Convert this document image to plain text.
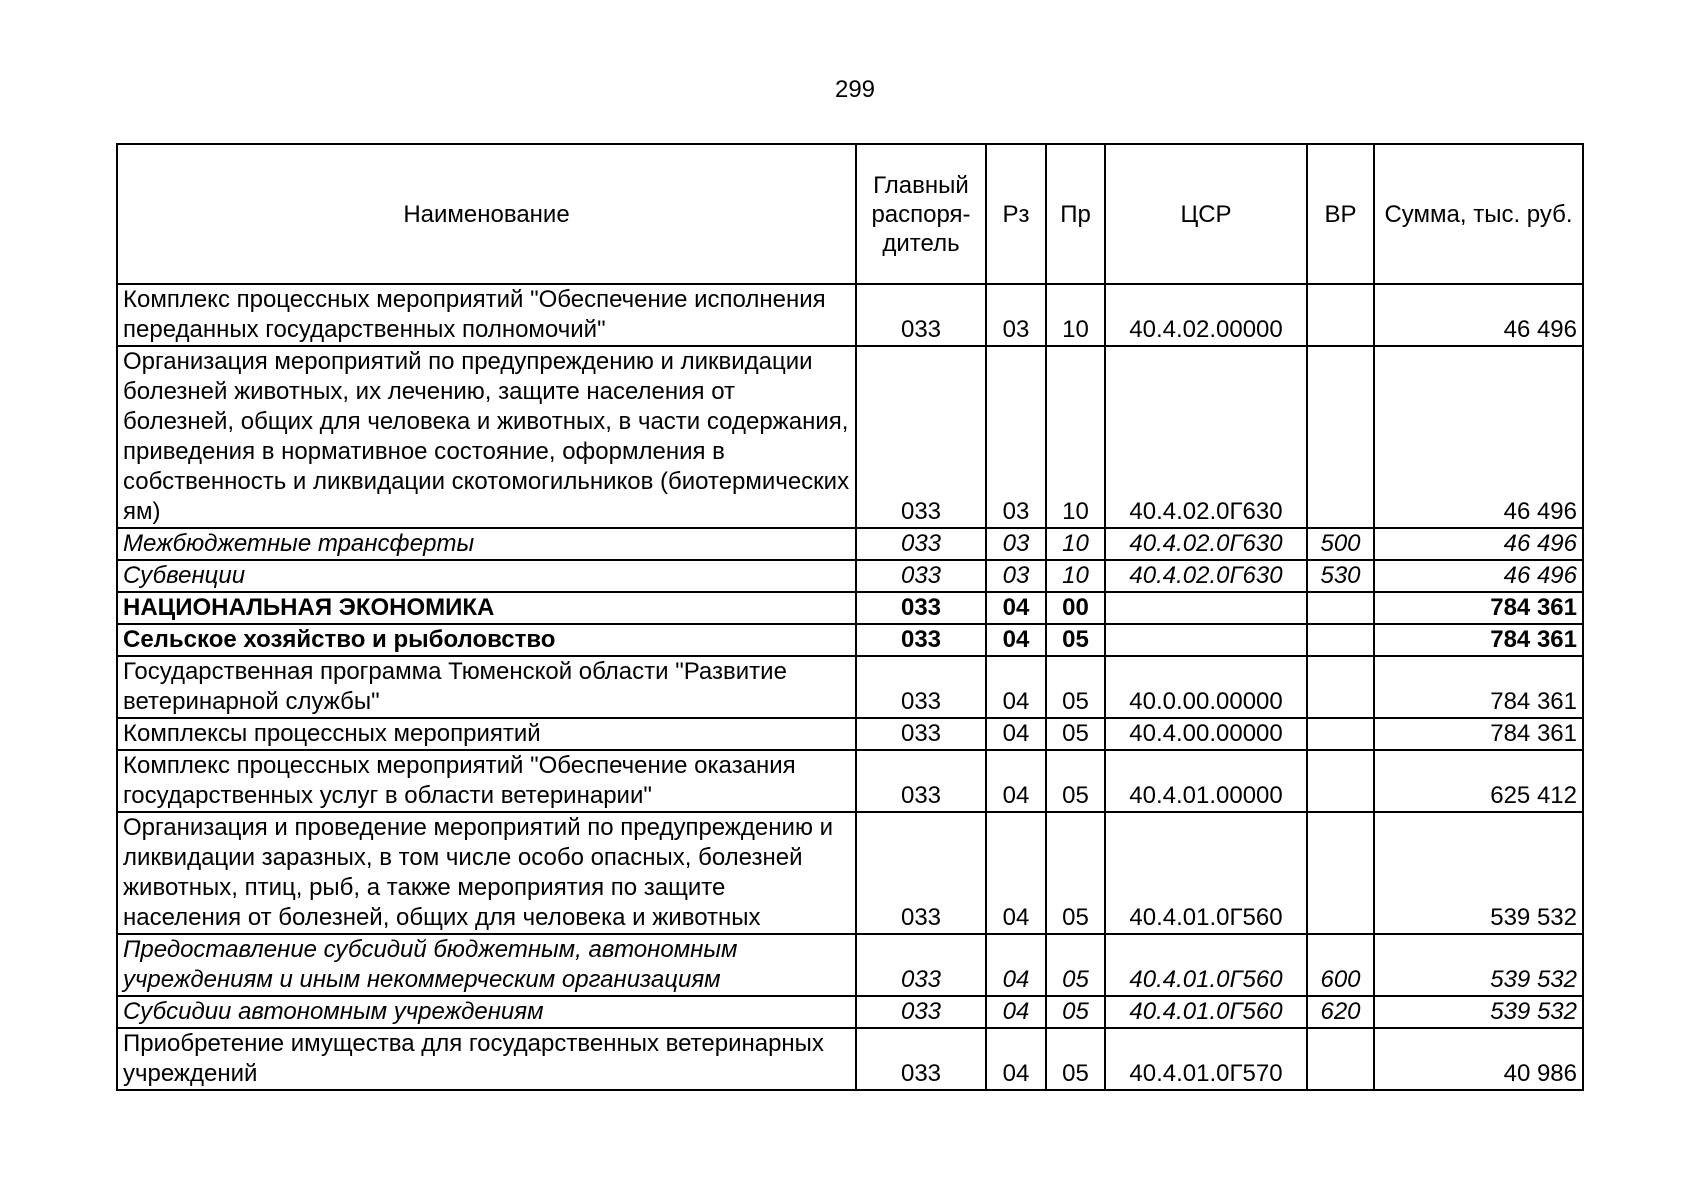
299
Наименование	Главный распоря-дитель	Рз	Пр	ЦСР	ВР	Сумма, тыс. руб.
Комплекс процессных мероприятий "Обеспечение исполнения переданных государственных полномочий"	033	03	10	40.4.02.00000		46 496
Организация мероприятий по предупреждению и ликвидации болезней животных, их лечению, защите населения от болезней, общих для человека и животных, в части содержания, приведения в нормативное состояние, оформления в собственность и ликвидации скотомогильников (биотермических ям)	033	03	10	40.4.02.0Г630		46 496
Межбюджетные трансферты	033	03	10	40.4.02.0Г630	500	46 496
Субвенции	033	03	10	40.4.02.0Г630	530	46 496
НАЦИОНАЛЬНАЯ ЭКОНОМИКА	033	04	00			784 361
Сельское хозяйство и рыболовство	033	04	05			784 361
Государственная программа Тюменской области "Развитие ветеринарной службы"	033	04	05	40.0.00.00000		784 361
Комплексы процессных мероприятий	033	04	05	40.4.00.00000		784 361
Комплекс процессных мероприятий "Обеспечение оказания государственных услуг в области ветеринарии"	033	04	05	40.4.01.00000		625 412
Организация и проведение мероприятий по предупреждению и ликвидации заразных, в том числе особо опасных, болезней животных, птиц, рыб, а также мероприятия по защите населения от болезней, общих для человека и животных	033	04	05	40.4.01.0Г560		539 532
Предоставление субсидий бюджетным, автономным учреждениям и иным некоммерческим организациям	033	04	05	40.4.01.0Г560	600	539 532
Субсидии автономным учреждениям	033	04	05	40.4.01.0Г560	620	539 532
Приобретение имущества для государственных ветеринарных учреждений	033	04	05	40.4.01.0Г570		40 986
